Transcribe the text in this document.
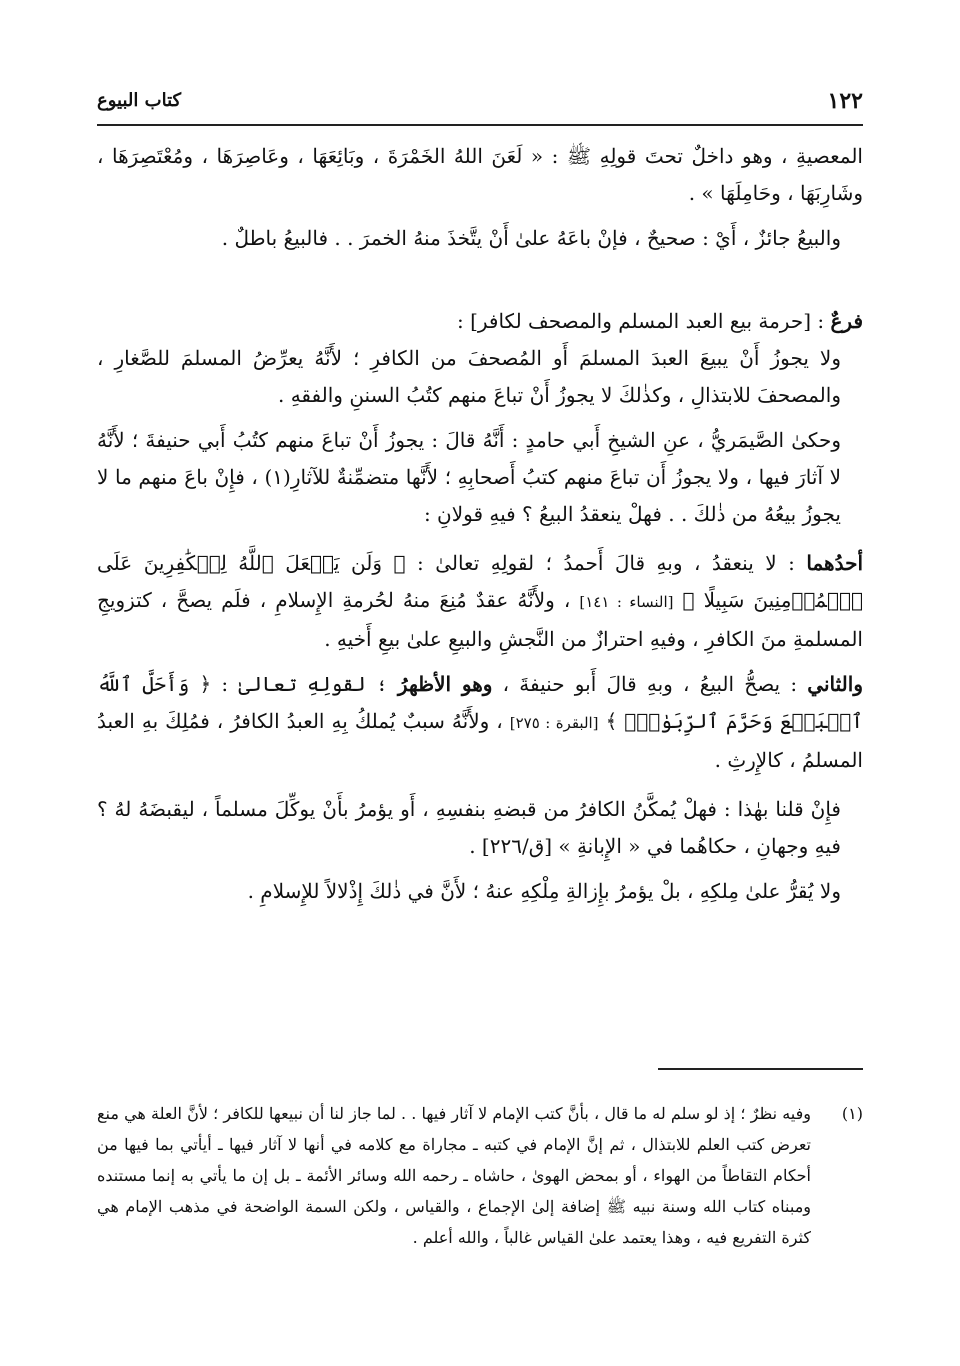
١٢٢
كتاب البيوع

المعصيةِ ، وهو داخلٌ تحتَ قولِهِ ﷺ : « لَعَنَ اللهُ الخَمْرَةَ ، وبَائِعَهَا ، وعَاصِرَهَا ، ومُعْتَصِرَهَا ، وشَارِبَهَا ، وحَامِلَهَا » .

والبيعُ جائزٌ ، أَيْ : صحيحٌ ، فإنْ باعَهُ علىٰ أَنْ يتَّخذَ منهُ الخمرَ . . فالبيعُ باطلٌ .

فرعٌ : [حرمة بيع العبد المسلم والمصحف لكافر] :

ولا يجوزُ أَنْ يبيعَ العبدَ المسلمَ أَو المُصحفَ من الكافرِ ؛ لأَنَّهُ يعرِّضُ المسلمَ للصَّغارِ ، والمصحفَ للابتذالِ ، وكذٰلكَ لا يجوزُ أَنْ تباعَ منهم كتُبُ السننِ والفقهِ .

وحكىٰ الصَّيمَريُّ ، عنِ الشيخِ أَبي حامدٍ : أَنَّهُ قالَ : يجوزُ أَنْ تباعَ منهم كتُبُ أَبي حنيفةَ ؛ لأَنَّهُ لا آثارَ فيها ، ولا يجوزُ أَن تباعَ منهم كتبُ أَصحابِهِ ؛ لأَنَّها متضمِّنةٌ للآثارِ(١) ، فإِنْ باعَ منهم ما لا يجوزُ بيعُهُ من ذٰلكَ . . فهلْ ينعقدُ البيعُ ؟ فيهِ قولانِ :

أحدُهما : لا ينعقدُ ، وبهِ قالَ أَحمدُ ؛ لقولِهِ تعالىٰ : ﴿ وَلَن يَجۡعَلَ ٱللَّهُ لِلۡكَٰفِرِينَ عَلَى ٱلۡمُؤۡمِنِينَ سَبِيلًا ﴾ [النساء : ١٤١] ، ولأَنَّهُ عقدٌ مُنِعَ منهُ لحُرمةِ الإِسلامِ ، فلَم يصحَّ ، كتزويجِ المسلمةِ منَ الكافرِ ، وفيهِ احترازٌ من النَّجشِ والبيعِ علىٰ بيعِ أَخيهِ .

والثاني : يصحُّ البيعُ ، وبهِ قالَ أَبو حنيفةَ ، وهو الأظهرُ ؛ لقولِهِ تعالىٰ : ﴿ وَأَحَلَّ ٱللَّهُ ٱلۡبَيۡعَ وَحَرَّمَ ٱلرِّبَوٰاْۚ ﴾ [البقرة : ٢٧٥] ، ولأَنَّهُ سببٌ يُملكُ بِهِ العبدُ الكافرُ ، فمُلِكَ بهِ العبدُ المسلمُ ، كالإِرثِ .

فإِنْ قلنا بهٰذا : فهلْ يُمكَّنُ الكافرُ من قبضهِ بنفسِهِ ، أَو يؤمرُ بأَنْ يوكِّلَ مسلماً ، ليقبضَهُ لهُ ؟ فيهِ وجهانِ ، حكاهُما في « الإِبانةِ » [ق/٢٢٦] .

ولا يُقرُّ علىٰ مِلكِهِ ، بلْ يؤمرُ بإِزالةِ مِلْكِهِ عنهُ ؛ لأَنَّ في ذٰلكَ إِذْلالاً للإِسلامِ .

(١)
وفيه نظرٌ ؛ إذ لو سلم له ما قال ، بأنَّ كتب الإمام لا آثار فيها . . لما جاز لنا أن نبيعها للكافر ؛ لأنَّ العلة هي منع تعرض كتب العلم للابتذال ، ثم إنَّ الإمام في كتبه ـ مجاراة مع كلامه في أنها لا آثار فيها ـ أيأتي بما فيها من أحكام التقاطاً من الهواء ، أو بمحض الهوىٰ ، حاشاه ـ رحمه الله وسائر الأئمة ـ بل إن ما يأتي به إنما مستنده ومبناه كتاب الله وسنة نبيه ﷺ إضافة إلىٰ الإجماع ، والقياس ، ولكن السمة الواضحة في مذهب الإمام هي كثرة التفريع فيه ، وهذا يعتمد علىٰ القياس غالباً ، والله أعلم .
